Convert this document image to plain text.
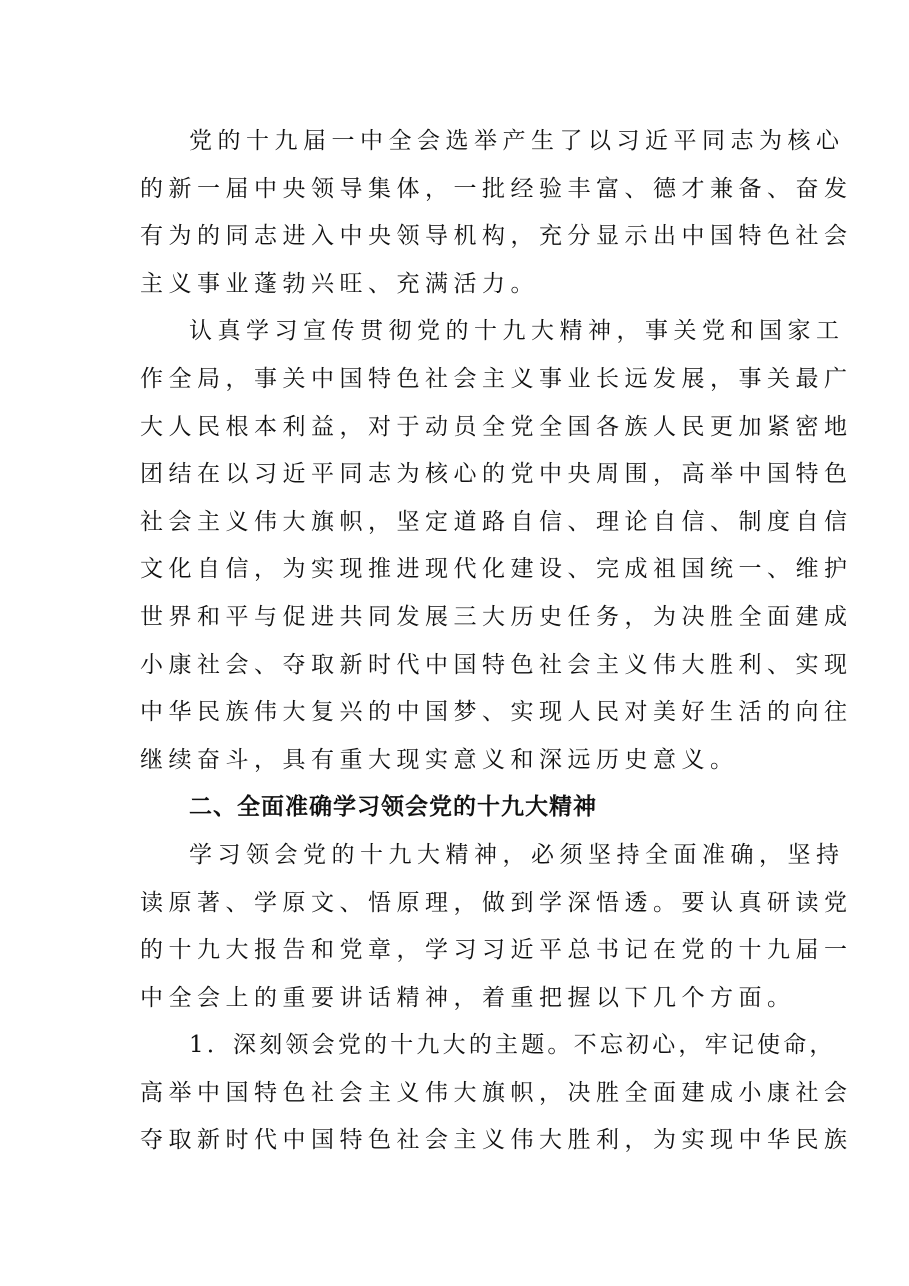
党的十九届一中全会选举产生了以习近平同志为核心
的新一届中央领导集体，一批经验丰富、德才兼备、奋发
有为的同志进入中央领导机构，充分显示出中国特色社会
主义事业蓬勃兴旺、充满活力。
认真学习宣传贯彻党的十九大精神，事关党和国家工
作全局，事关中国特色社会主义事业长远发展，事关最广
大人民根本利益，对于动员全党全国各族人民更加紧密地
团结在以习近平同志为核心的党中央周围，高举中国特色
社会主义伟大旗帜，坚定道路自信、理论自信、制度自信
文化自信，为实现推进现代化建设、完成祖国统一、维护
世界和平与促进共同发展三大历史任务，为决胜全面建成
小康社会、夺取新时代中国特色社会主义伟大胜利、实现
中华民族伟大复兴的中国梦、实现人民对美好生活的向往
继续奋斗，具有重大现实意义和深远历史意义。
二、全面准确学习领会党的十九大精神
学习领会党的十九大精神，必须坚持全面准确，坚持
读原著、学原文、悟原理，做到学深悟透。要认真研读党
的十九大报告和党章，学习习近平总书记在党的十九届一
中全会上的重要讲话精神，着重把握以下几个方面。
1．深刻领会党的十九大的主题。不忘初心，牢记使命，
高举中国特色社会主义伟大旗帜，决胜全面建成小康社会
夺取新时代中国特色社会主义伟大胜利，为实现中华民族
